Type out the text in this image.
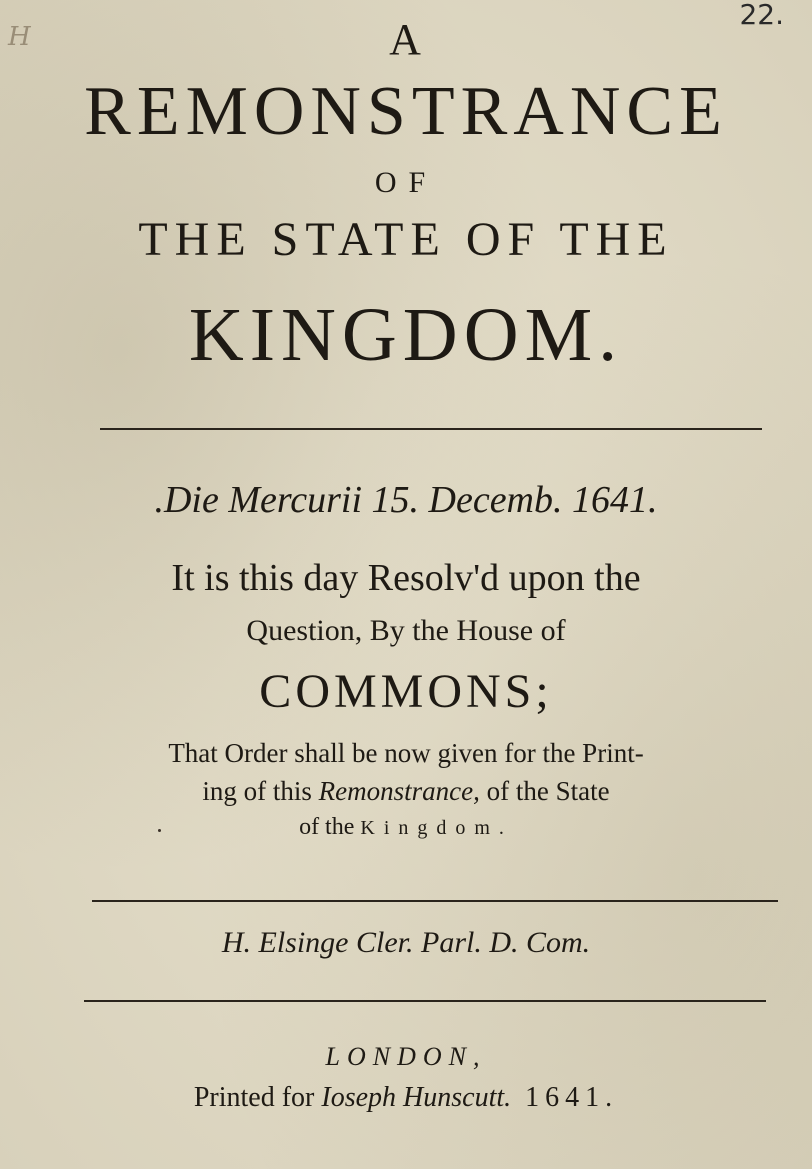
H
22.
A
REMONSTRANCE
OF
THE STATE OF THE
KINGDOM.
.Die Mercurii 15. Decemb. 1641.
It is this day Resolv'd upon the
Question, By the House of
COMMONS;
That Order shall be now given for the Print-
ing of this Remonstrance, of the State
of the Kingdom.
H. Elsinge Cler. Parl. D. Com.
LONDON,
Printed for Ioseph Hunscutt. 1641.
